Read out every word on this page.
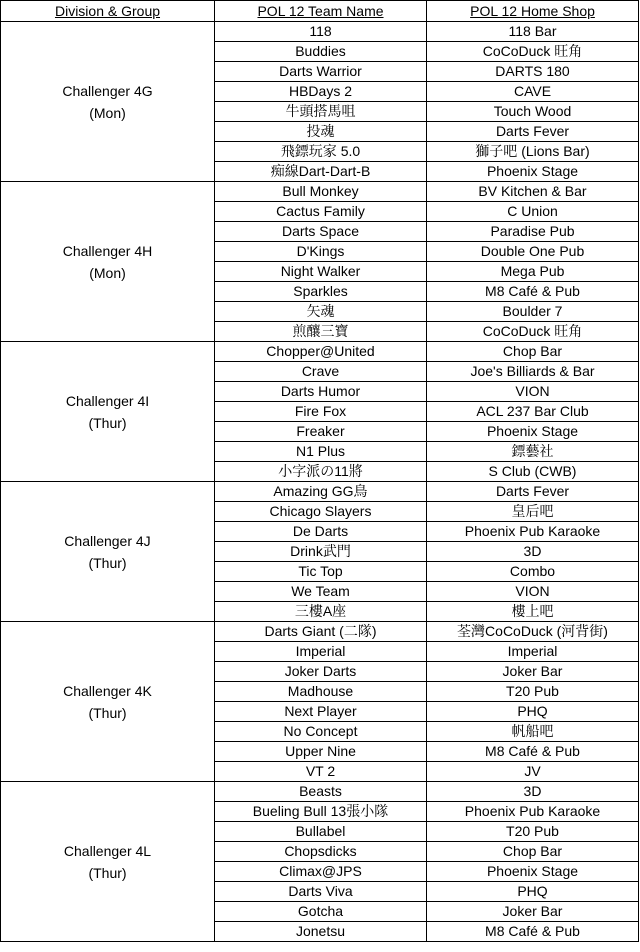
Division & Group	POL 12 Team Name	POL 12 Home Shop

Challenger 4G
(Mon)	118	118 Bar
	Buddies	CoCoDuck 旺角
	Darts Warrior	DARTS 180
	HBDays 2	CAVE
	牛頭搭馬咀	Touch Wood
	投魂	Darts Fever
	飛鏢玩家 5.0	獅子吧 (Lions Bar)
	痴線Dart-Dart-B	Phoenix Stage

Challenger 4H
(Mon)	Bull Monkey	BV Kitchen & Bar
	Cactus Family	C Union
	Darts Space	Paradise Pub
	D'Kings	Double One Pub
	Night Walker	Mega Pub
	Sparkles	M8 Café & Pub
	矢魂	Boulder 7
	煎釀三寶	CoCoDuck 旺角

Challenger 4I
(Thur)	Chopper@United	Chop Bar
	Crave	Joe's Billiards & Bar
	Darts Humor	VION
	Fire Fox	ACL 237 Bar Club
	Freaker	Phoenix Stage
	N1 Plus	鏢藝社
	小字派の11將	S Club (CWB)

Challenger 4J
(Thur)	Amazing GG鳥	Darts Fever
	Chicago Slayers	皇后吧
	De Darts	Phoenix Pub Karaoke
	Drink武門	3D
	Tic Top	Combo
	We Team	VION
	三樓A座	樓上吧

Challenger 4K
(Thur)	Darts Giant (二隊)	荃灣CoCoDuck (河背街)
	Imperial	Imperial
	Joker Darts	Joker Bar
	Madhouse	T20 Pub
	Next Player	PHQ
	No Concept	帆船吧
	Upper Nine	M8 Café & Pub
	VT 2	JV

Challenger 4L
(Thur)	Beasts	3D
	Bueling Bull 13張小隊	Phoenix Pub Karaoke
	Bullabel	T20 Pub
	Chopsdicks	Chop Bar
	Climax@JPS	Phoenix Stage
	Darts Viva	PHQ
	Gotcha	Joker Bar
	Jonetsu	M8 Café & Pub
